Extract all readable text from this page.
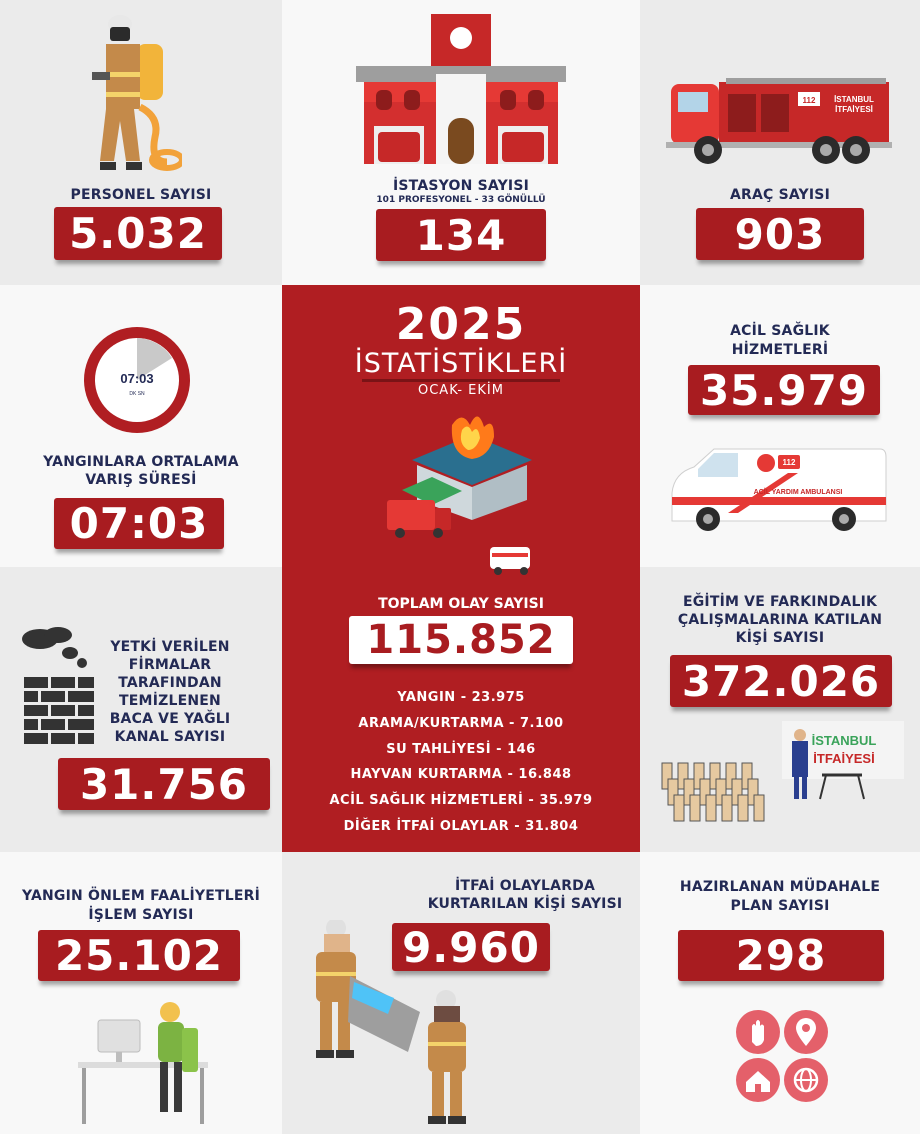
PERSONEL SAYISI
5.032
İSTASYON SAYISI
101 PROFESYONEL - 33 GÖNÜLLÜ
134
112 İSTANBUL
İTFAİYESİ
ARAÇ SAYISI
903
07:03
DK SN
YANGINLARA ORTALAMA
VARIŞ SÜRESİ
07:03
2025
İSTATİSTİKLERİ
OCAK- EKİM
TOPLAM OLAY SAYISI
115.852
YANGIN - 23.975
ARAMA/KURTARMA - 7.100
SU TAHLİYESİ - 146
HAYVAN KURTARMA - 16.848
ACİL SAĞLIK HİZMETLERİ - 35.979
DİĞER İTFAİ OLAYLAR - 31.804
ACİL SAĞLIK
HİZMETLERİ
35.979
112
ACİL YARDIM AMBULANSI
YETKİ VERİLEN
FİRMALAR
TARAFINDAN
TEMİZLENEN
BACA VE YAĞLI
KANAL SAYISI
31.756
EĞİTİM VE FARKINDALIK
ÇALIŞMALARINA KATILAN
KİŞİ SAYISI
372.026
İSTANBUL
İTFAİYESİ
YANGIN ÖNLEM FAALİYETLERİ
İŞLEM SAYISI
25.102
İTFAİ OLAYLARDA
KURTARILAN KİŞİ SAYISI
9.960
HAZIRLANAN MÜDAHALE
PLAN SAYISI
298
